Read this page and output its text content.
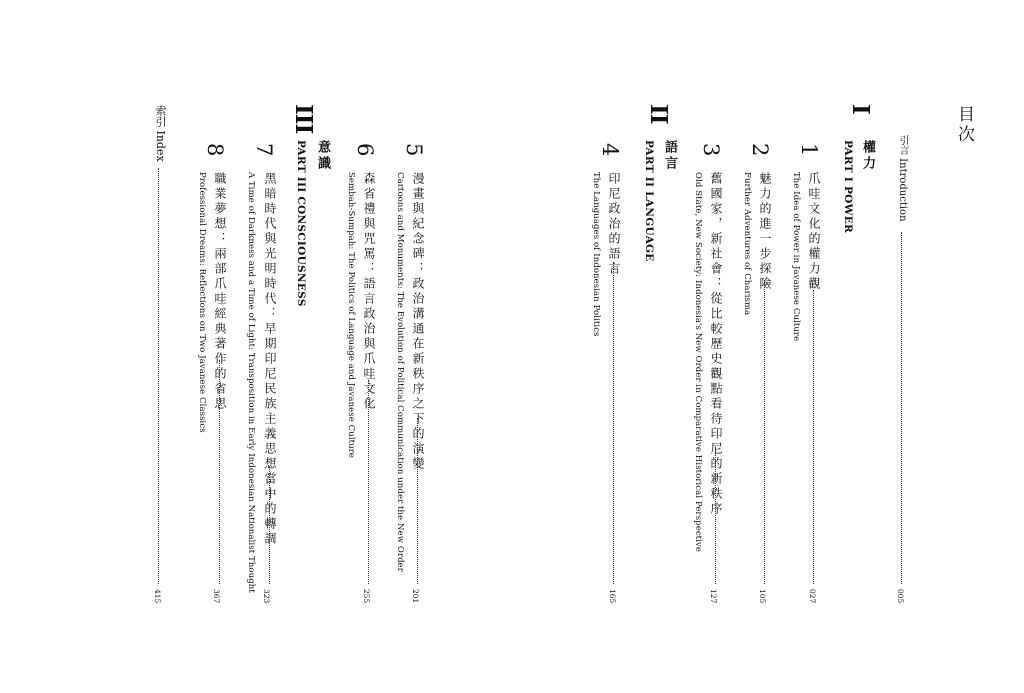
目次
引言 Introduction
005
I
權力
PART I POWER
1
爪哇文化的權力觀
The Idea of Power in Javanese Culture
027
2
魅力的進一步探險
Further Adventures of Charisma
105
3
舊國家，新社會：從比較歷史觀點看待印尼的新秩序
Old State, New Society: Indonesia's New Order in Comparative Historical Perspective
127
II
語言
PART II LANGUAGE
4
印尼政治的語言
The Languages of Indonesian Politics
165
5
漫畫與紀念碑：政治溝通在新秩序之下的演變
Cartoons and Monuments: The Evolution of Political Communication under the New Order
201
6
森省禮與咒罵：語言政治與爪哇文化
Sembah-Sumpah: The Politics of Language and Javanese Culture
255
III
意識
PART III CONSCIOUSNESS
7
黑暗時代與光明時代：早期印尼民族主義思想當中的轉調
A Time of Darkness and a Time of Light: Transposition in Early Indonesian Nationalist Thought
323
8
職業夢想：兩部爪哇經典著作的省思
Professional Dreams: Reflections on Two Javanese Classics
367
索引 Index
415
